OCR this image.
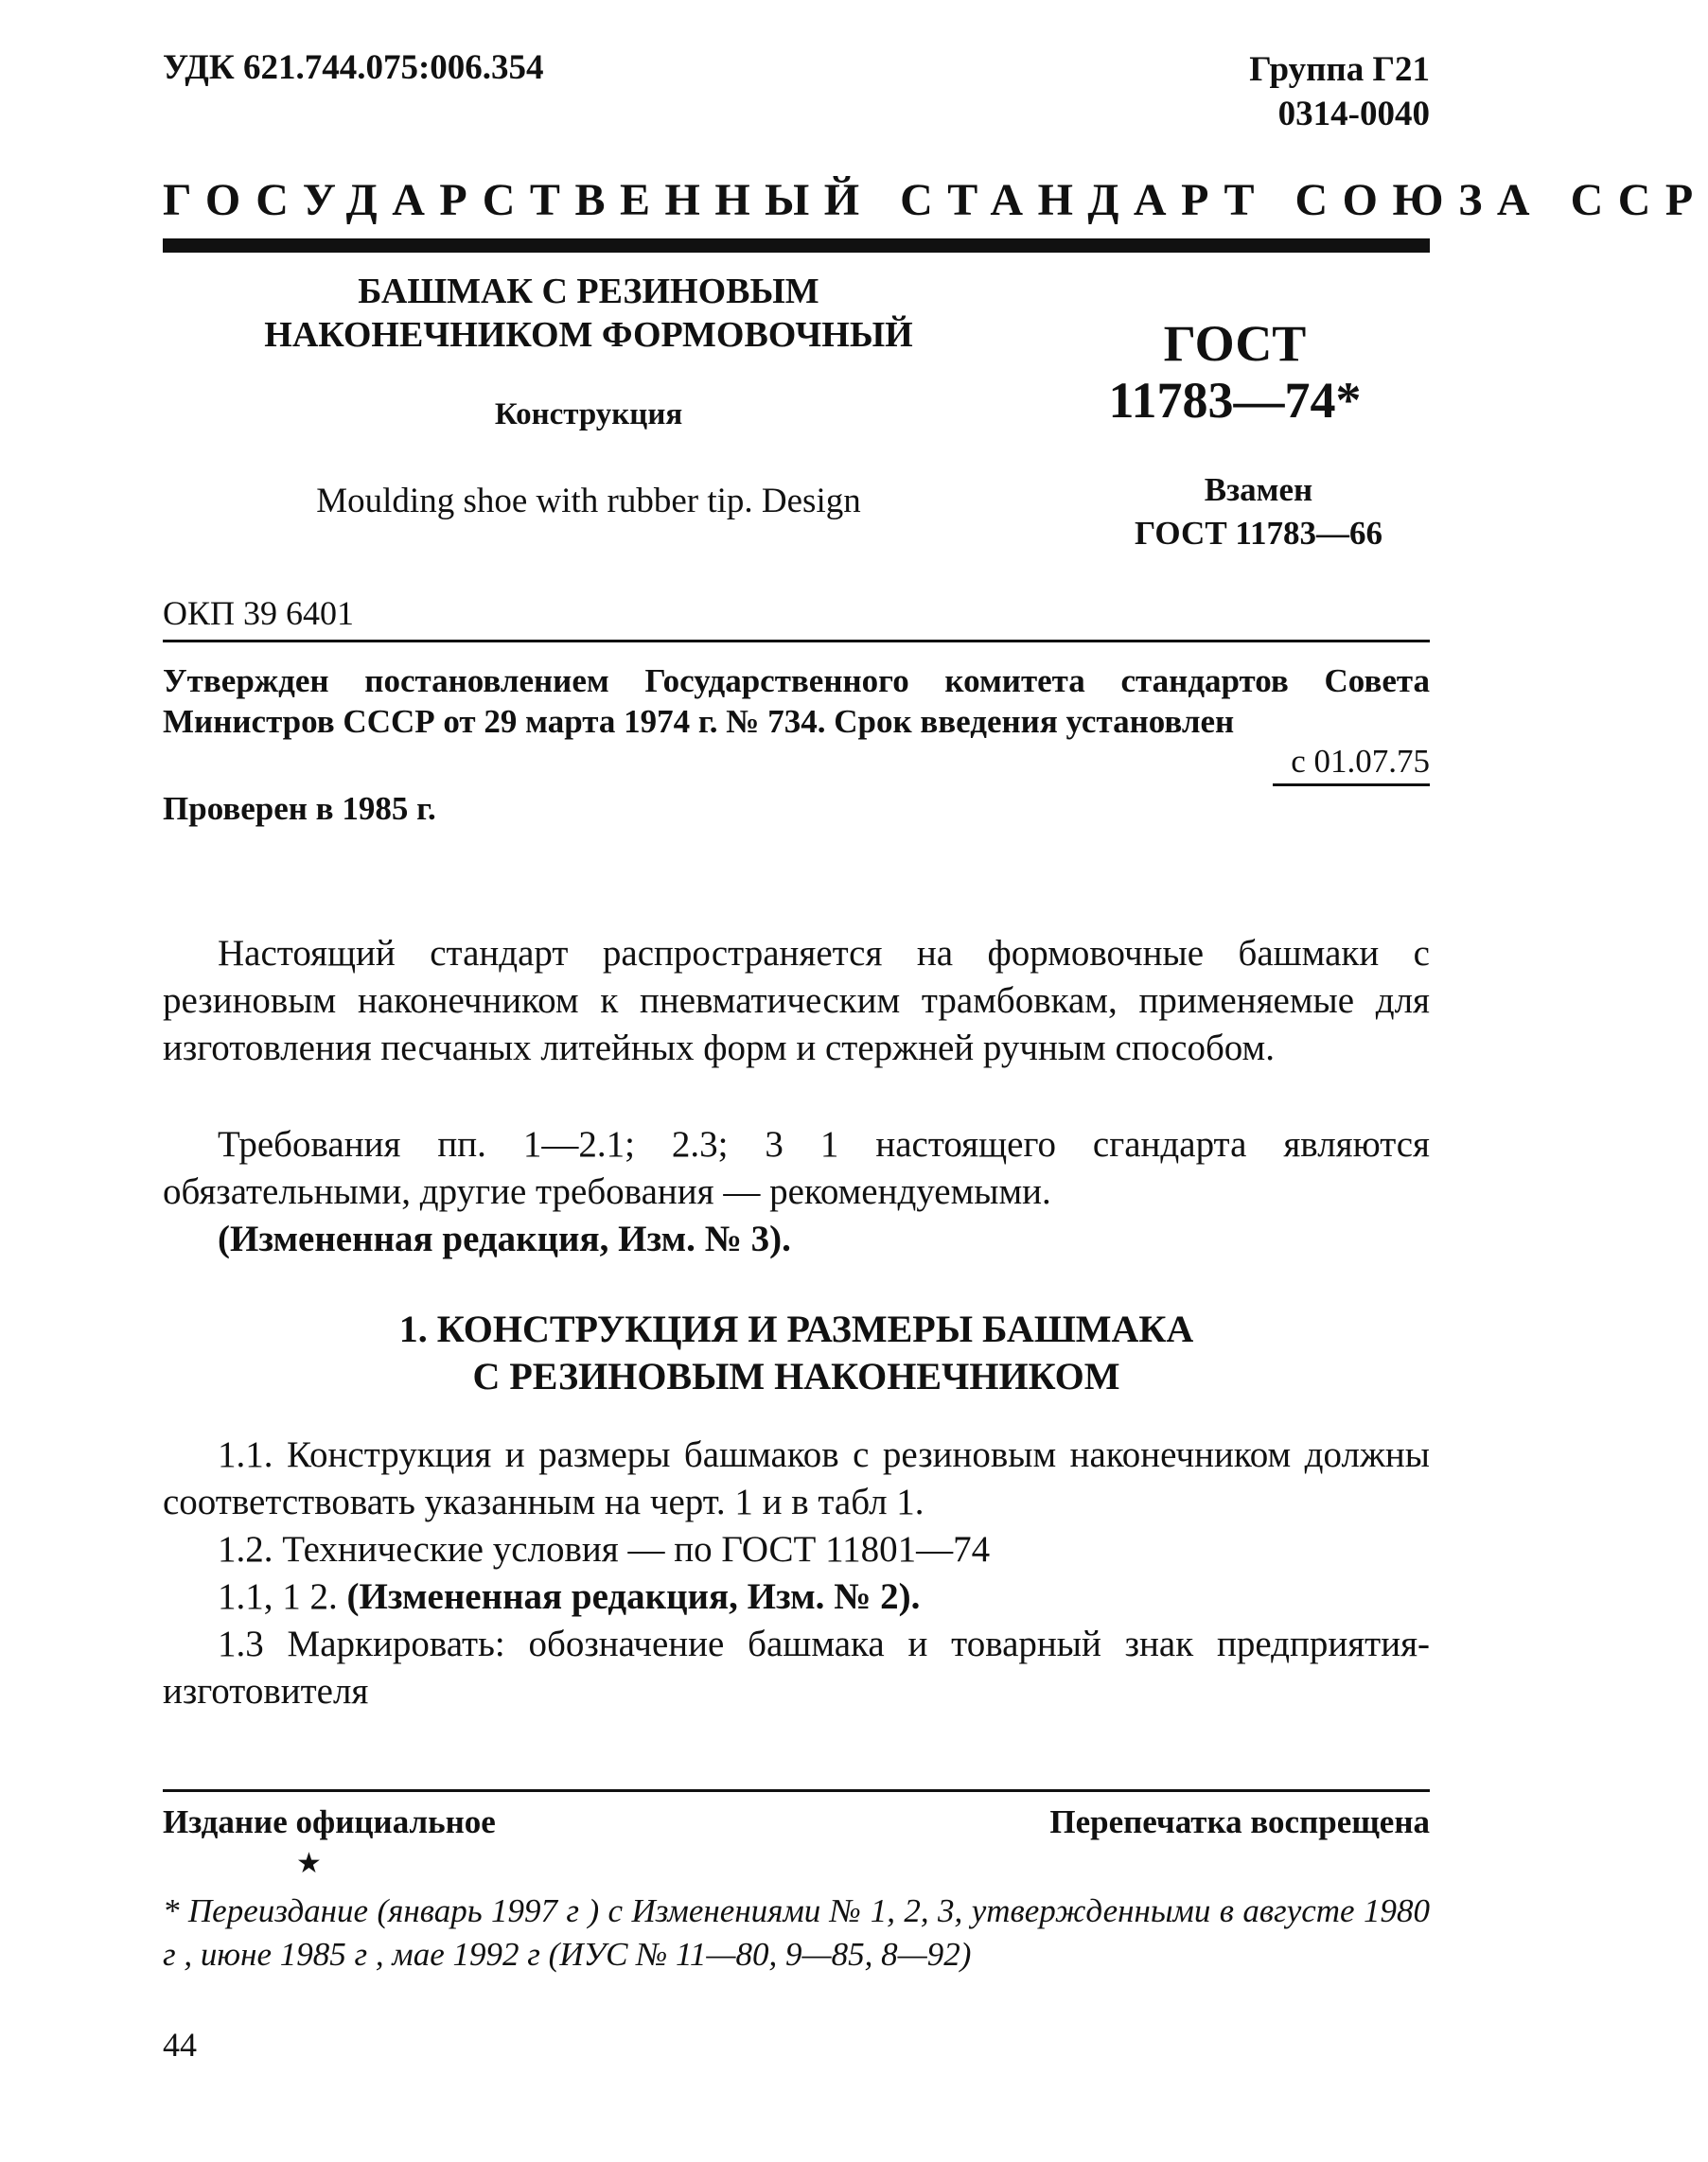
УДК 621.744.075:006.354	Группа Г21
0314-0040
ГОСУДАРСТВЕННЫЙ СТАНДАРТ СОЮЗА ССР
БАШМАК С РЕЗИНОВЫМ
НАКОНЕЧНИКОМ ФОРМОВОЧНЫЙ
Конструкция
Mouldіng shoe wіth rubber tіp. Desіgn
ГОСТ
11783—74*
Взамен
ГОСТ 11783—66
ОКП 39 6401
Утвержден постановлением Государственного комитета стандартов Совета Министров СССР от 29 марта 1974 г. № 734. Срок введения установлен
с 01.07.75
Проверен в 1985 г.

Настоящий стандарт распространяется на формовочные башмаки с резиновым наконечником к пневматическим трамбовкам, применяемые для изготовления песчаных литейных форм и стержней ручным способом.

Требования пп. 1—2.1; 2.3; 3 1 настоящего сгандарта являются обязательными, другие требования — рекомендуемыми.

(Измененная редакция, Изм. № 3).

1. КОНСТРУКЦИЯ И РАЗМЕРЫ БАШМАКА
С РЕЗИНОВЫМ НАКОНЕЧНИКОМ

1.1. Конструкция и размеры башмаков с резиновым наконечником должны соответствовать указанным на черт. 1 и в табл 1.

1.2. Технические условия — по ГОСТ 11801—74

1.1, 1 2. (Измененная редакция, Изм. № 2).

1.3 Маркировать: обозначение башмака и товарный знак предприятия-изготовителя

Издание официальное	Перепечатка воспрещена
★
* Переиздание (январь 1997 г ) с Изменениями № 1, 2, 3, утвержденными в августе 1980 г , июне 1985 г , мае 1992 г (ИУС № 11—80, 9—85, 8—92)
44
